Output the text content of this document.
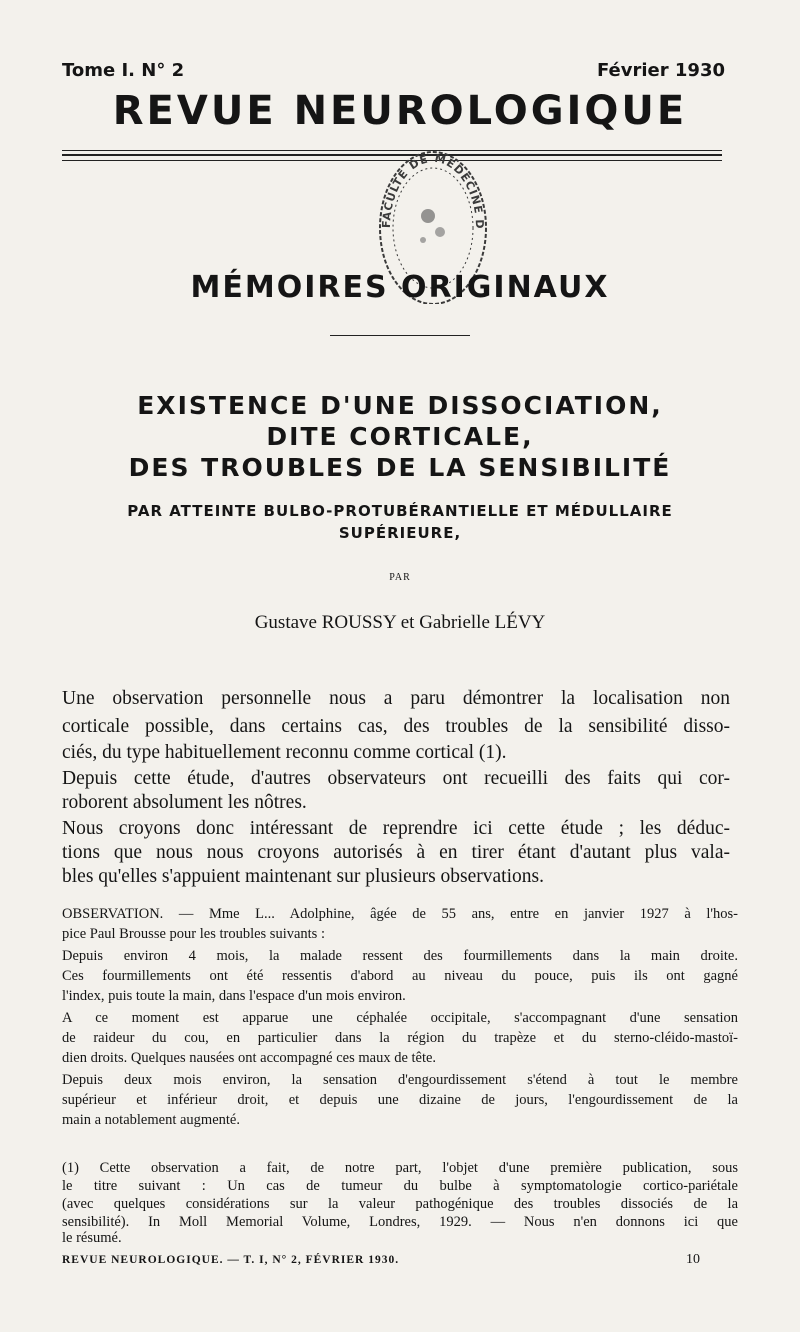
Tome I. N° 2	Février 1930
REVUE NEUROLOGIQUE
FACULTE DE MEDECINE D
MÉMOIRES ORIGINAUX
EXISTENCE D'UNE DISSOCIATION,
DITE CORTICALE,
DES TROUBLES DE LA SENSIBILITÉ
PAR ATTEINTE BULBO-PROTUBÉRANTIELLE ET MÉDULLAIRE
SUPÉRIEURE,
PAR
Gustave ROUSSY et Gabrielle LÉVY
Une observation personnelle nous a paru démontrer la localisation non
corticale possible, dans certains cas, des troubles de la sensibilité disso-
ciés, du type habituellement reconnu comme cortical (1).
Depuis cette étude, d'autres observateurs ont recueilli des faits qui cor-
roborent absolument les nôtres.
Nous croyons donc intéressant de reprendre ici cette étude ; les déduc-
tions que nous nous croyons autorisés à en tirer étant d'autant plus vala-
bles qu'elles s'appuient maintenant sur plusieurs observations.
OBSERVATION. — Mme L... Adolphine, âgée de 55 ans, entre en janvier 1927 à l'hos-
pice Paul Brousse pour les troubles suivants :
Depuis environ 4 mois, la malade ressent des fourmillements dans la main droite.
Ces fourmillements ont été ressentis d'abord au niveau du pouce, puis ils ont gagné
l'index, puis toute la main, dans l'espace d'un mois environ.
A ce moment est apparue une céphalée occipitale, s'accompagnant d'une sensation
de raideur du cou, en particulier dans la région du trapèze et du sterno-cléido-mastoï-
dien droits. Quelques nausées ont accompagné ces maux de tête.
Depuis deux mois environ, la sensation d'engourdissement s'étend à tout le membre
supérieur et inférieur droit, et depuis une dizaine de jours, l'engourdissement de la
main a notablement augmenté.
(1) Cette observation a fait, de notre part, l'objet d'une première publication, sous
le titre suivant : Un cas de tumeur du bulbe à symptomatologie cortico-pariétale
(avec quelques considérations sur la valeur pathogénique des troubles dissociés de la
sensibilité). In Moll Memorial Volume, Londres, 1929. — Nous n'en donnons ici que
le résumé.
REVUE NEUROLOGIQUE. — T. I, N° 2, FÉVRIER 1930.	10
